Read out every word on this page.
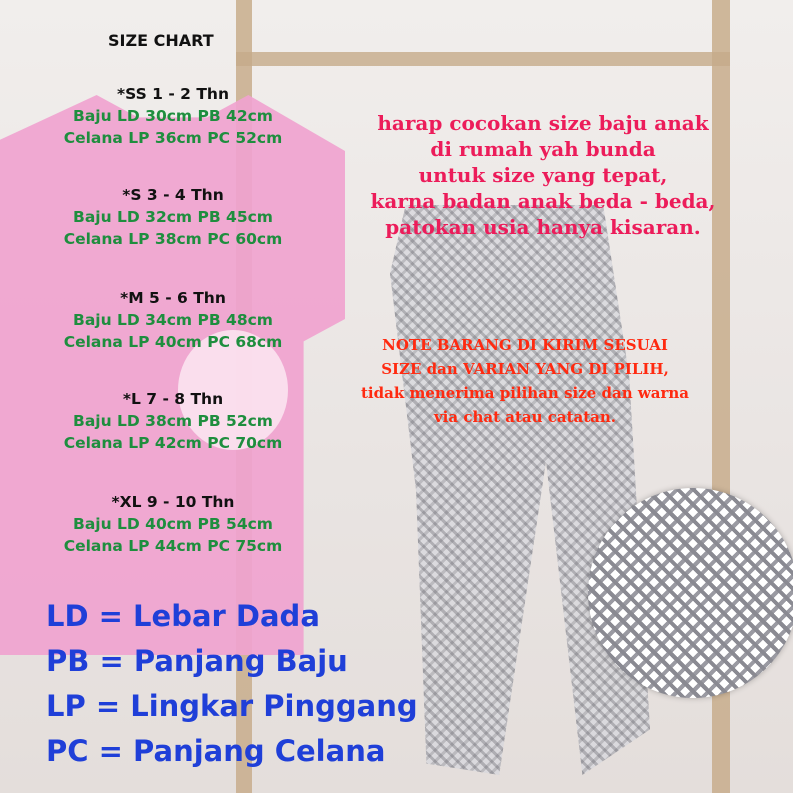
SIZE CHART
*SS 1 - 2 Thn
Baju LD 30cm PB 42cm
Celana LP 36cm PC 52cm
*S 3 - 4 Thn
Baju LD 32cm PB 45cm
Celana LP 38cm PC 60cm
*M 5 - 6 Thn
Baju LD 34cm PB 48cm
Celana LP 40cm PC 68cm
*L 7 - 8 Thn
Baju LD 38cm PB 52cm
Celana LP 42cm PC 70cm
*XL 9 - 10 Thn
Baju LD 40cm PB 54cm
Celana LP 44cm PC 75cm
harap cocokan size baju anak
di rumah yah bunda
untuk size yang tepat,
karna badan anak beda - beda,
patokan usia hanya kisaran.
NOTE BARANG DI KIRIM SESUAI
SIZE dan VARIAN YANG DI PILIH,
tidak menerima pilihan size dan warna
via chat atau catatan.
LD = Lebar Dada
PB = Panjang Baju
LP = Lingkar Pinggang
PC = Panjang Celana
